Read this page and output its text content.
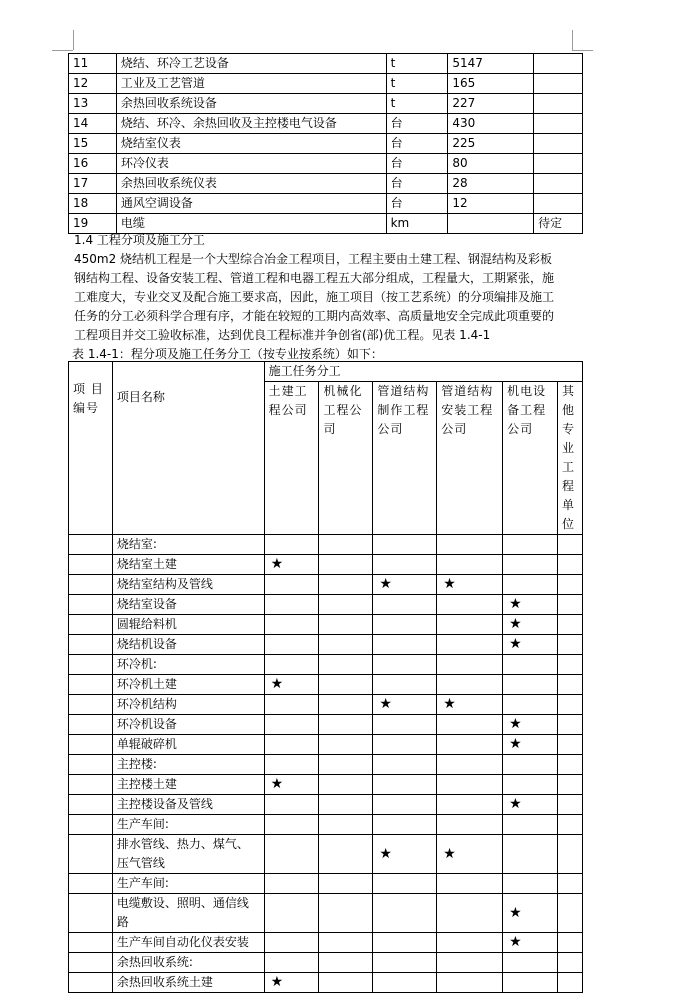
11	烧结、环冷工艺设备	t	5147	
12	工业及工艺管道	t	165	
13	余热回收系统设备	t	227	
14	烧结、环冷、余热回收及主控楼电气设备	台	430	
15	烧结室仪表	台	225	
16	环冷仪表	台	80	
17	余热回收系统仪表	台	28	
18	通风空调设备	台	12	
19	电缆	km		待定
1.4 工程分项及施工分工
450m2 烧结机工程是一个大型综合冶金工程项目，工程主要由土建工程、钢混结构及彩板
钢结构工程、设备安装工程、管道工程和电器工程五大部分组成，工程量大，工期紧张，施
工难度大，专业交叉及配合施工要求高，因此，施工项目（按工艺系统）的分项编排及施工
任务的分工必须科学合理有序，才能在较短的工期内高效率、高质量地安全完成此项重要的
工程项目并交工验收标准，达到优良工程标准并争创省(部)优工程。见表 1.4-1
表 1.4-1：程分项及施工任务分工（按专业按系统）如下：
项 目编号	项目名称	施工任务分工					
		土建工程公司	机械化工程公司	管道结构制作工程公司	管道结构安装工程公司	机电设备工程公司	其他专业工程单位
	烧结室:						
	烧结室土建	★					
	烧结室结构及管线			★	★		
	烧结室设备					★	
	圆辊给料机					★	
	烧结机设备					★	
	环冷机:						
	环冷机土建	★					
	环冷机结构			★	★		
	环冷机设备					★	
	单辊破碎机					★	
	主控楼:						
	主控楼土建	★					
	主控楼设备及管线					★	
	生产车间:						
	排水管线、热力、煤气、压气管线			★	★		
	生产车间:						
	电缆敷设、照明、通信线路					★	
	生产车间自动化仪表安装					★	
	余热回收系统:						
	余热回收系统土建	★					
